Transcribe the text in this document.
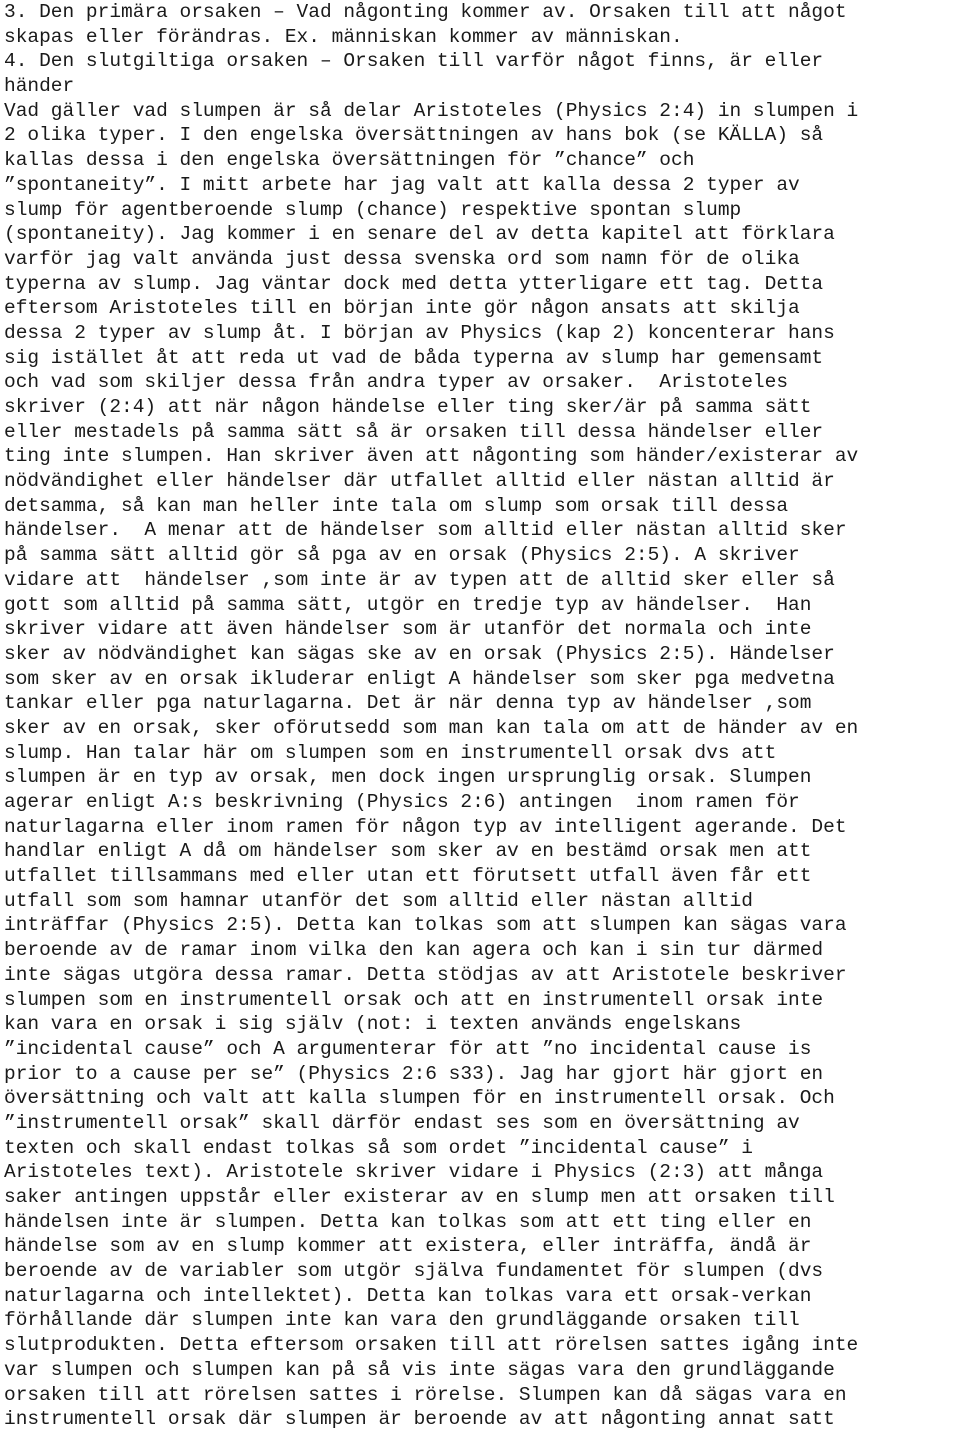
3. Den primära orsaken – Vad någonting kommer av. Orsaken till att något
skapas eller förändras. Ex. människan kommer av människan.
4. Den slutgiltiga orsaken – Orsaken till varför något finns, är eller
händer
Vad gäller vad slumpen är så delar Aristoteles (Physics 2:4) in slumpen i
2 olika typer. I den engelska översättningen av hans bok (se KÄLLA) så
kallas dessa i den engelska översättningen för ”chance” och
”spontaneity”. I mitt arbete har jag valt att kalla dessa 2 typer av
slump för agentberoende slump (chance) respektive spontan slump
(spontaneity). Jag kommer i en senare del av detta kapitel att förklara
varför jag valt använda just dessa svenska ord som namn för de olika
typerna av slump. Jag väntar dock med detta ytterligare ett tag. Detta
eftersom Aristoteles till en början inte gör någon ansats att skilja
dessa 2 typer av slump åt. I början av Physics (kap 2) koncenterar hans
sig istället åt att reda ut vad de båda typerna av slump har gemensamt
och vad som skiljer dessa från andra typer av orsaker.  Aristoteles
skriver (2:4) att när någon händelse eller ting sker/är på samma sätt
eller mestadels på samma sätt så är orsaken till dessa händelser eller
ting inte slumpen. Han skriver även att någonting som händer/existerar av
nödvändighet eller händelser där utfallet alltid eller nästan alltid är
detsamma, så kan man heller inte tala om slump som orsak till dessa
händelser.  A menar att de händelser som alltid eller nästan alltid sker
på samma sätt alltid gör så pga av en orsak (Physics 2:5). A skriver
vidare att  händelser ,som inte är av typen att de alltid sker eller så
gott som alltid på samma sätt, utgör en tredje typ av händelser.  Han
skriver vidare att även händelser som är utanför det normala och inte
sker av nödvändighet kan sägas ske av en orsak (Physics 2:5). Händelser
som sker av en orsak ikluderar enligt A händelser som sker pga medvetna
tankar eller pga naturlagarna. Det är när denna typ av händelser ,som
sker av en orsak, sker oförutsedd som man kan tala om att de händer av en
slump. Han talar här om slumpen som en instrumentell orsak dvs att
slumpen är en typ av orsak, men dock ingen ursprunglig orsak. Slumpen
agerar enligt A:s beskrivning (Physics 2:6) antingen  inom ramen för
naturlagarna eller inom ramen för någon typ av intelligent agerande. Det
handlar enligt A då om händelser som sker av en bestämd orsak men att
utfallet tillsammans med eller utan ett förutsett utfall även får ett
utfall som som hamnar utanför det som alltid eller nästan alltid
inträffar (Physics 2:5). Detta kan tolkas som att slumpen kan sägas vara
beroende av de ramar inom vilka den kan agera och kan i sin tur därmed
inte sägas utgöra dessa ramar. Detta stödjas av att Aristotele beskriver
slumpen som en instrumentell orsak och att en instrumentell orsak inte
kan vara en orsak i sig själv (not: i texten används engelskans
”incidental cause” och A argumenterar för att ”no incidental cause is
prior to a cause per se” (Physics 2:6 s33). Jag har gjort här gjort en
översättning och valt att kalla slumpen för en instrumentell orsak. Och
”instrumentell orsak” skall därför endast ses som en översättning av
texten och skall endast tolkas så som ordet ”incidental cause” i
Aristoteles text). Aristotele skriver vidare i Physics (2:3) att många
saker antingen uppstår eller existerar av en slump men att orsaken till
händelsen inte är slumpen. Detta kan tolkas som att ett ting eller en
händelse som av en slump kommer att existera, eller inträffa, ändå är
beroende av de variabler som utgör själva fundamentet för slumpen (dvs
naturlagarna och intellektet). Detta kan tolkas vara ett orsak-verkan
förhållande där slumpen inte kan vara den grundläggande orsaken till
slutprodukten. Detta eftersom orsaken till att rörelsen sattes igång inte
var slumpen och slumpen kan på så vis inte sägas vara den grundläggande
orsaken till att rörelsen sattes i rörelse. Slumpen kan då sägas vara en
instrumentell orsak där slumpen är beroende av att någonting annat satt
